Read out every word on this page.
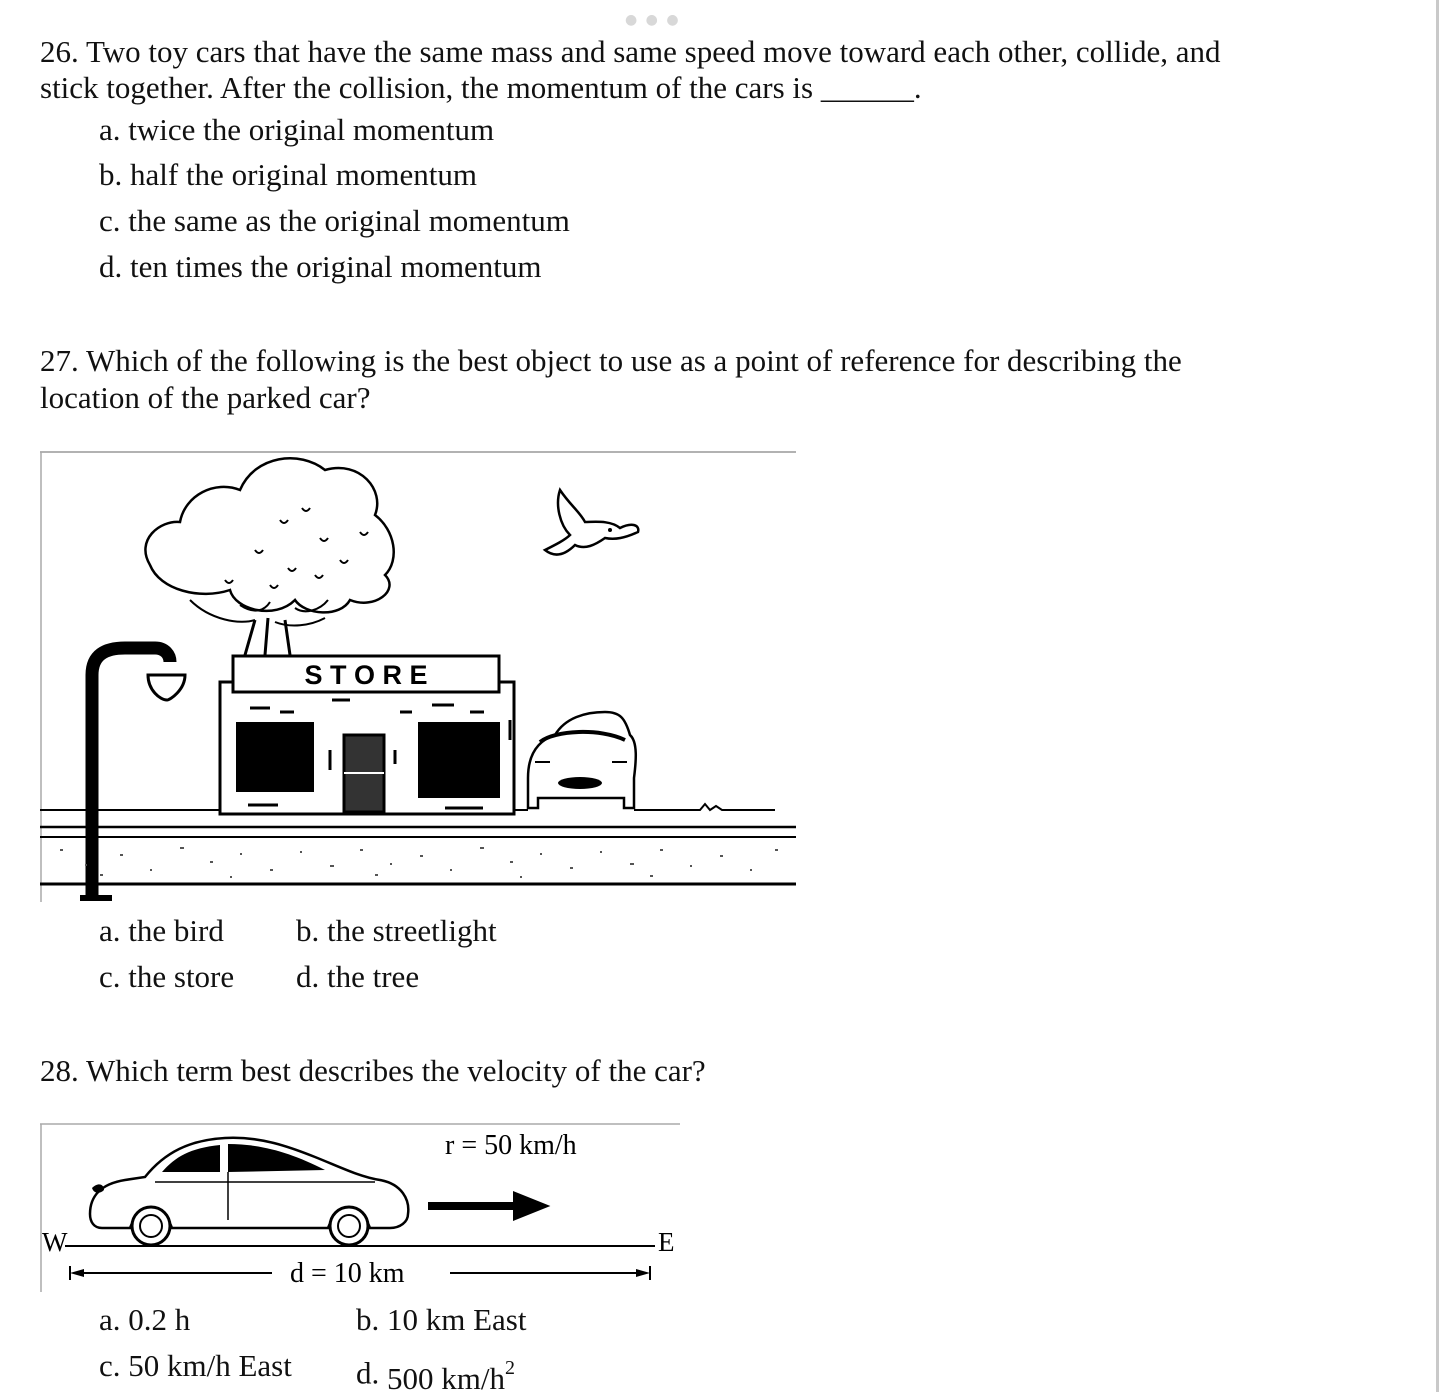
● ● ●
26. Two toy cars that have the same mass and same speed move toward each other, collide, and
stick together. After the collision, the momentum of the cars is ______.
a. twice the original momentum
b. half the original momentum
c. the same as the original momentum
d. ten times the original momentum
27. Which of the following is the best object to use as a point of reference for describing the
location of the parked car?
S T O R E
a. the bird b. the streetlight
c. the store d. the tree
28. Which term best describes the velocity of the car?
r = 50 km/h
W	E
d = 10 km
a. 0.2 h	b. 10 km East
c. 50 km/h East d. 500 $km/h^2$
